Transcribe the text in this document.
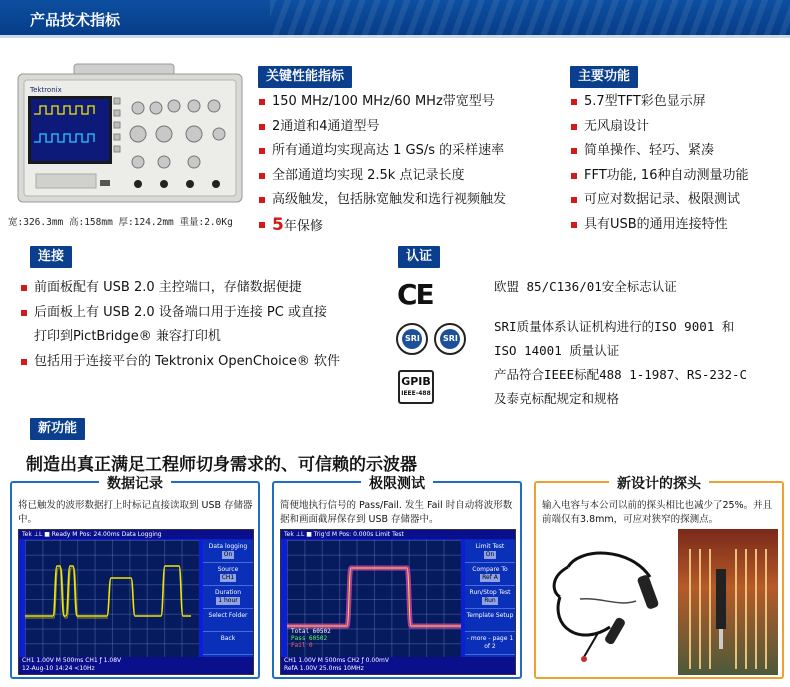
产品技术指标
Tektronix
宽:326.3mm 高:158mm 厚:124.2mm 重量:2.0Kg
关键性能指标
150 MHz/100 MHz/60 MHz带宽型号
2通道和4通道型号
所有通道均实现高达 1 GS/s 的采样速率
全部通道均实现 2.5k 点记录长度
高级触发，包括脉宽触发和选行视频触发
5年保修
主要功能
5.7型TFT彩色显示屏
无风扇设计
简单操作、轻巧、紧凑
FFT功能, 16种自动测量功能
可应对数据记录、极限测试
具有USB的通用连接特性
连接
前面板配有 USB 2.0 主控端口，存储数据便捷
后面板上有 USB 2.0 设备端口用于连接 PC 或直接
打印到PictBridge® 兼容打印机
包括用于连接平台的 Tektronix OpenChoice® 软件
认证
CE
SRI	SRI
GPIB
IEEE-488
欧盟 85/C136/01安全标志认证
SRI质量体系认证机构进行的ISO 9001 和
ISO 14001 质量认证
产品符合IEEE标配488 1-1987、RS-232-C
及泰克标配规定和规格
新功能
制造出真正满足工程师切身需求的、可信赖的示波器
数据记录
将已触发的波形数据打上时标记直接读取到 USB 存储器中。
Tek ⊥L ■ Ready M Pos: 24.00ms Data Logging
Data logging
On
Source
CH1
Duration
1 hour
Select Folder
Back
CH1 1.00V M 500ms CH1 ƒ 1.08V
12-Aug-10 14:24 <10Hz
极限测试
简便地执行信号的 Pass/Fail. 发生 Fail 时自动将波形数据和画面截屏保存到 USB 存储器中。
Tek ⊥L ■ Trig'd M Pos: 0.000s Limit Test
Total 60502
Pass 60502
Fail 0
Limit Test
On
Compare To
Ref A
Run/Stop Test
Run
Template Setup
- more - page 1 of 2
CH1 1.00V M 500ms CH2 ƒ 0.00mV
RefA 1.00V 25.0ms 10MHz
新设计的探头
输入电容与本公司以前的探头相比也减少了25%。并且前端仅有3.8mm，可应对狭窄的探测点。
